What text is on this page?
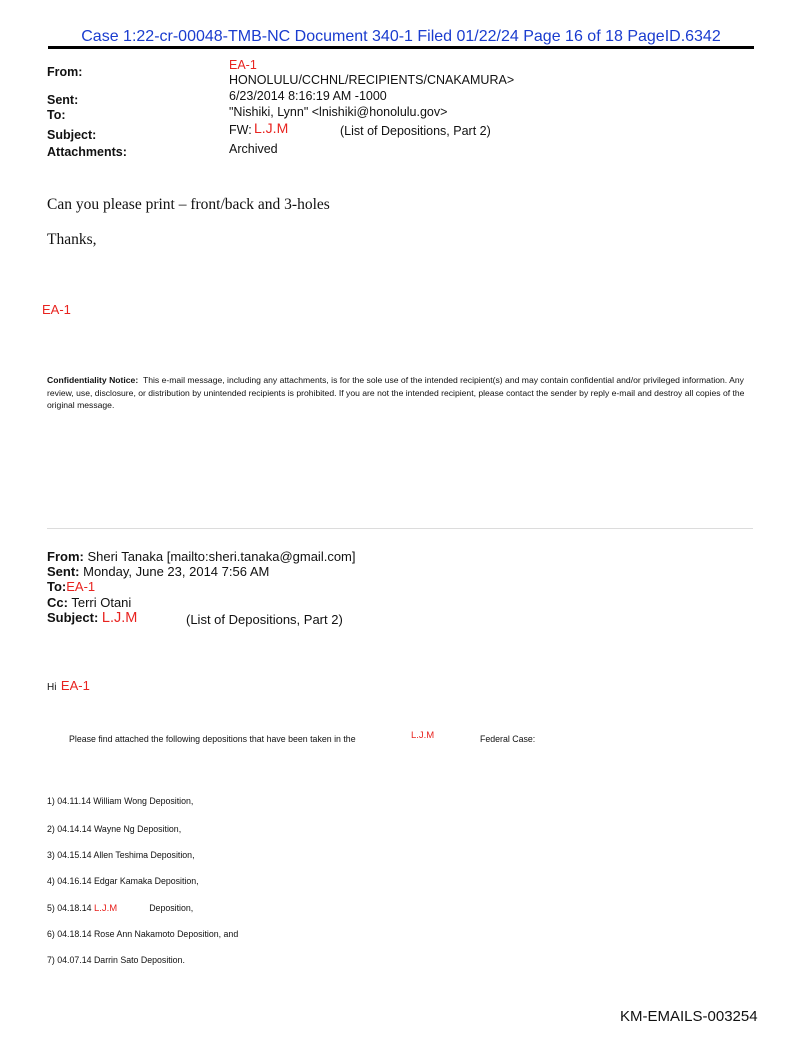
Case 1:22-cr-00048-TMB-NC Document 340-1 Filed 01/22/24 Page 16 of 18 PageID.6342
From:	EA-1
HONOLULU/CCHNL/RECIPIENTS/CNAKAMURA>
Sent:	6/23/2014 8:16:19 AM -1000
To:	"Nishiki, Lynn" <lnishiki@honolulu.gov>
Subject:	FW: L.J.M	(List of Depositions, Part 2)
Attachments:	Archived
Can you please print – front/back and 3-holes
Thanks,
EA-1
Confidentiality Notice: This e-mail message, including any attachments, is for the sole use of the intended recipient(s) and may contain confidential and/or privileged information. Any review, use, disclosure, or distribution by unintended recipients is prohibited. If you are not the intended recipient, please contact the sender by reply e-mail and destroy all copies of the original message.
From: Sheri Tanaka [mailto:sheri.tanaka@gmail.com]
Sent: Monday, June 23, 2014 7:56 AM
To:EA-1
Cc: Terri Otani
Subject: L.J.M	(List of Depositions, Part 2)
Hi EA-1
Please find attached the following depositions that have been taken in the	L.J.M	Federal Case:
1) 04.11.14 William Wong Deposition,
2) 04.14.14 Wayne Ng Deposition,
3) 04.15.14 Allen Teshima Deposition,
4) 04.16.14 Edgar Kamaka Deposition,
5) 04.18.14 L.J.M	Deposition,
6) 04.18.14 Rose Ann Nakamoto Deposition, and
7) 04.07.14 Darrin Sato Deposition.
KM-EMAILS-003254
